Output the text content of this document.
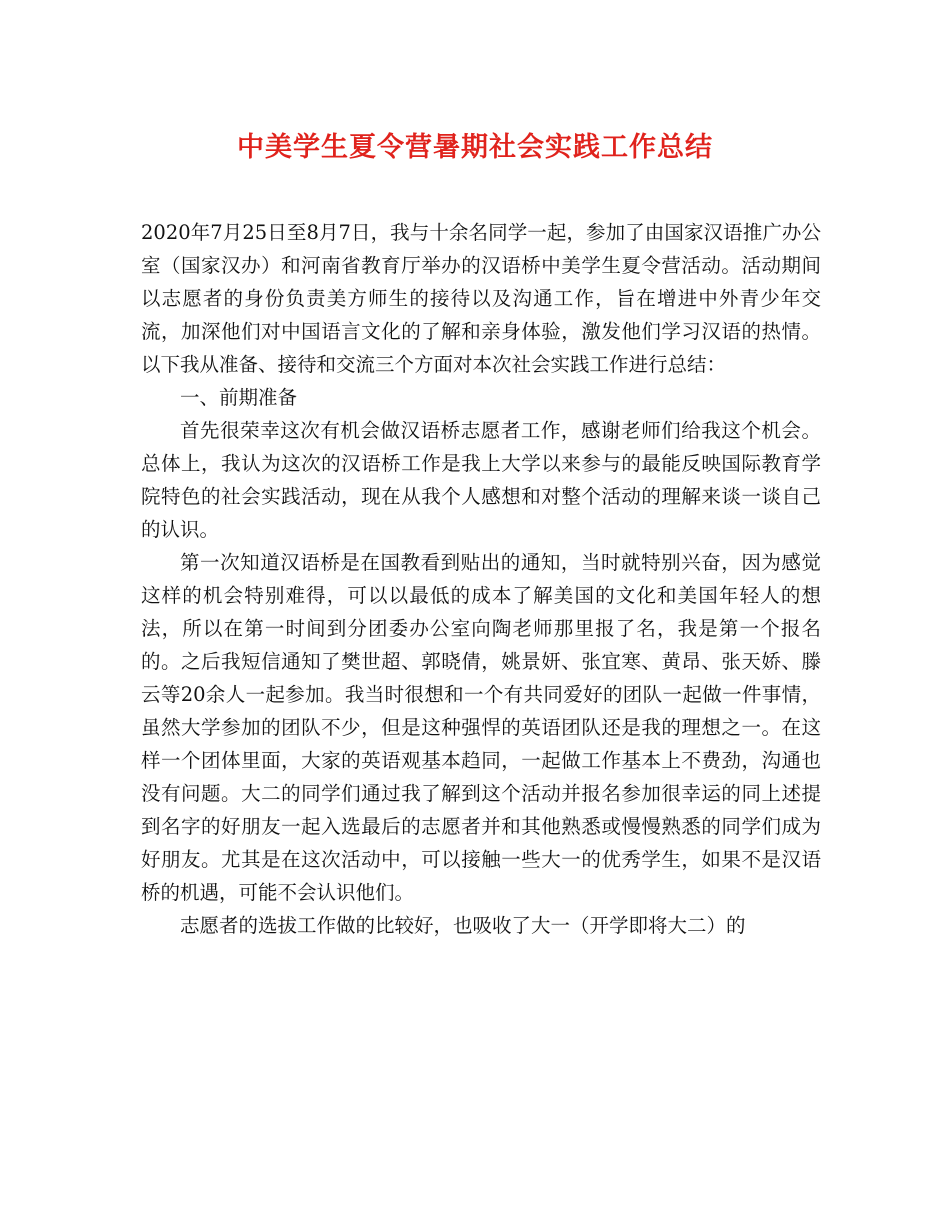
中美学生夏令营暑期社会实践工作总结

2020年7月25日至8月7日，我与十余名同学一起，参加了由国家汉语推广办公室（国家汉办）和河南省教育厅举办的汉语桥中美学生夏令营活动。活动期间以志愿者的身份负责美方师生的接待以及沟通工作，旨在增进中外青少年交流，加深他们对中国语言文化的了解和亲身体验，激发他们学习汉语的热情。以下我从准备、接待和交流三个方面对本次社会实践工作进行总结：

一、前期准备

首先很荣幸这次有机会做汉语桥志愿者工作，感谢老师们给我这个机会。总体上，我认为这次的汉语桥工作是我上大学以来参与的最能反映国际教育学院特色的社会实践活动，现在从我个人感想和对整个活动的理解来谈一谈自己的认识。

第一次知道汉语桥是在国教看到贴出的通知，当时就特别兴奋，因为感觉这样的机会特别难得，可以以最低的成本了解美国的文化和美国年轻人的想法，所以在第一时间到分团委办公室向陶老师那里报了名，我是第一个报名的。之后我短信通知了樊世超、郭晓倩，姚景妍、张宜寒、黄昂、张天娇、滕云等20余人一起参加。我当时很想和一个有共同爱好的团队一起做一件事情，虽然大学参加的团队不少，但是这种强悍的英语团队还是我的理想之一。在这样一个团体里面，大家的英语观基本趋同，一起做工作基本上不费劲，沟通也没有问题。大二的同学们通过我了解到这个活动并报名参加很幸运的同上述提到名字的好朋友一起入选最后的志愿者并和其他熟悉或慢慢熟悉的同学们成为好朋友。尤其是在这次活动中，可以接触一些大一的优秀学生，如果不是汉语桥的机遇，可能不会认识他们。

志愿者的选拔工作做的比较好，也吸收了大一（开学即将大二）的
